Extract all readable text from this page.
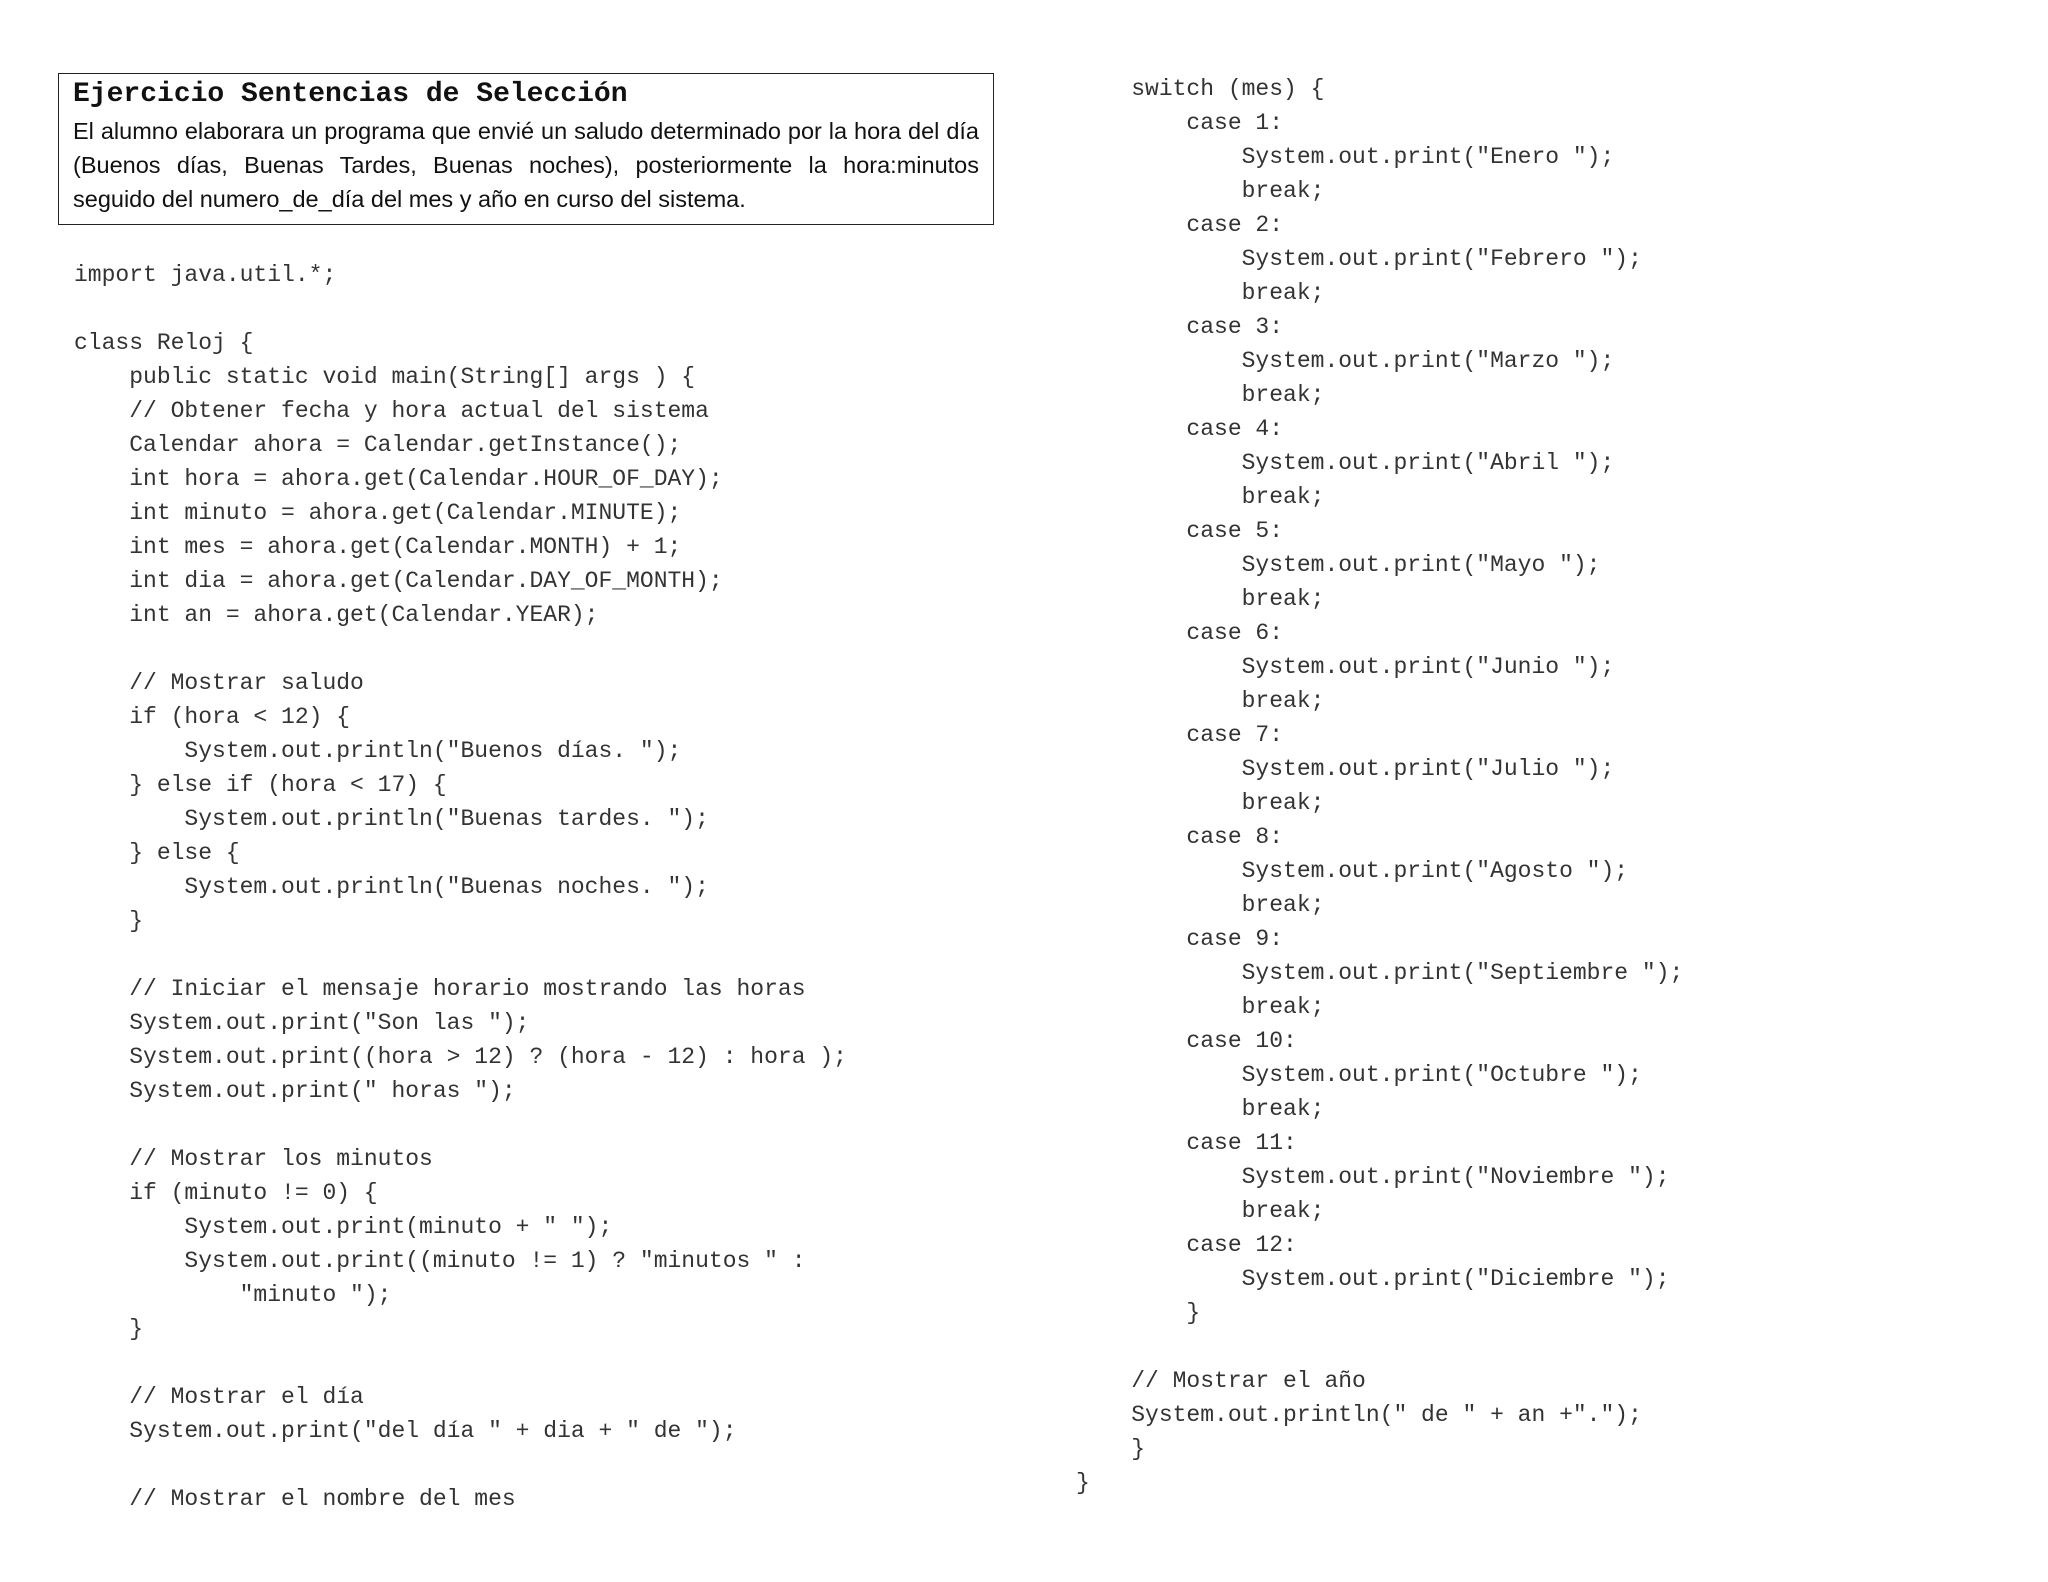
Ejercicio Sentencias de Selección

El alumno elaborara un programa que envié un saludo determinado por la hora del día (Buenos días, Buenas Tardes, Buenas noches), posteriormente la hora:minutos seguido del numero_de_día del mes y año en curso del sistema.

import java.util.*;
class Reloj {
public static void main(String[] args ) {
// Obtener fecha y hora actual del sistema
Calendar ahora = Calendar.getInstance();
int hora = ahora.get(Calendar.HOUR_OF_DAY);
int minuto = ahora.get(Calendar.MINUTE);
int mes = ahora.get(Calendar.MONTH) + 1;
int dia = ahora.get(Calendar.DAY_OF_MONTH);
int an = ahora.get(Calendar.YEAR);
// Mostrar saludo
if (hora < 12) {
System.out.println("Buenos días. ");
} else if (hora < 17) {
System.out.println("Buenas tardes. ");
} else {
System.out.println("Buenas noches. ");
}
// Iniciar el mensaje horario mostrando las horas
System.out.print("Son las ");
System.out.print((hora > 12) ? (hora - 12) : hora );
System.out.print(" horas ");
// Mostrar los minutos
if (minuto != 0) {
System.out.print(minuto + " ");
System.out.print((minuto != 1) ? "minutos " :
"minuto ");
}
// Mostrar el día
System.out.print("del día " + dia + " de ");
// Mostrar el nombre del mes
switch (mes) {
case 1:
System.out.print("Enero ");
break;
case 2:
System.out.print("Febrero ");
break;
case 3:
System.out.print("Marzo ");
break;
case 4:
System.out.print("Abril ");
break;
case 5:
System.out.print("Mayo ");
break;
case 6:
System.out.print("Junio ");
break;
case 7:
System.out.print("Julio ");
break;
case 8:
System.out.print("Agosto ");
break;
case 9:
System.out.print("Septiembre ");
break;
case 10:
System.out.print("Octubre ");
break;
case 11:
System.out.print("Noviembre ");
break;
case 12:
System.out.print("Diciembre ");
}
// Mostrar el año
System.out.println(" de " + an +".");
}
}
